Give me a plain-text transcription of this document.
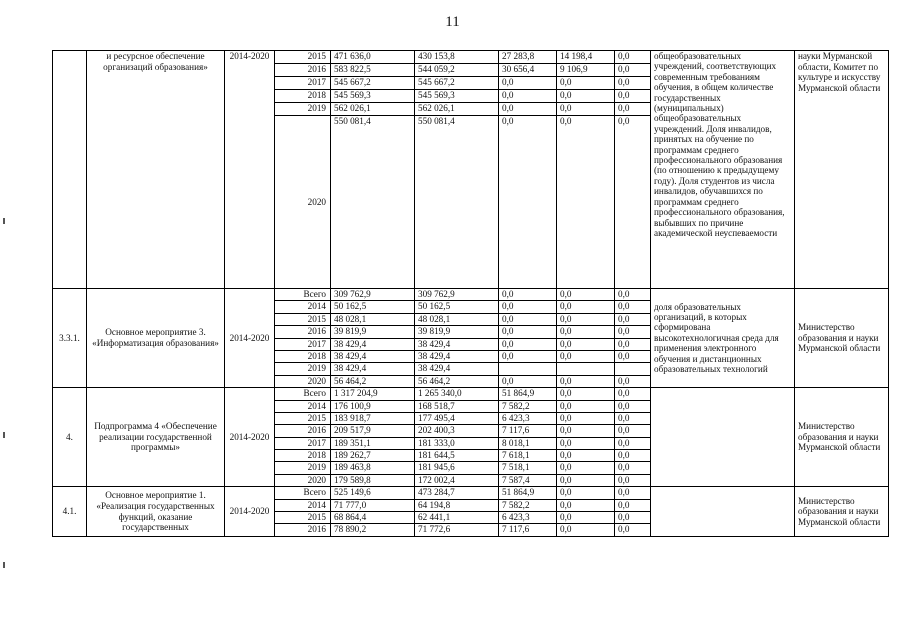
11
	и ресурсное обеспечение организаций образования»	2014-2020	2015	471 636,0	430 153,8	27 283,8	14 198,4	0,0	общеобразовательных учреждений, соответствующих современным требованиям обучения, в общем количестве государственных (муниципальных) общеобразовательных учреждений. Доля инвалидов, принятых на обучение по программам среднего профессионального образования (по отношению к предыдущему году). Доля студентов из числа инвалидов, обучавшихся по программам среднего профессионального образования, выбывших по причине академической неуспеваемости	науки Мурманской области, Комитет по культуре и искусству Мурманской области
			2016	583 822,5	544 059,2	30 656,4	9 106,9	0,0		
			2017	545 667,2	545 667,2	0,0	0,0	0,0		
			2018	545 569,3	545 569,3	0,0	0,0	0,0		
			2019	562 026,1	562 026,1	0,0	0,0	0,0		
			2020	550 081,4	550 081,4	0,0	0,0	0,0		
3.3.1.	Основное мероприятие 3. «Информатизация образования»	2014-2020	Всего	309 762,9	309 762,9	0,0	0,0	0,0	доля образовательных организаций, в которых сформирована высокотехнологичная среда для применения электронного обучения и дистанционных образовательных технологий	Министерство образования и науки Мурманской области
			2014	50 162,5	50 162,5	0,0	0,0	0,0		
			2015	48 028,1	48 028,1	0,0	0,0	0,0		
			2016	39 819,9	39 819,9	0,0	0,0	0,0		
			2017	38 429,4	38 429,4	0,0	0,0	0,0		
			2018	38 429,4	38 429,4	0,0	0,0	0,0		
			2019	38 429,4	38 429,4					
			2020	56 464,2	56 464,2	0,0	0,0	0,0		
4.	Подпрограмма 4 «Обеспечение реализации государственной программы»	2014-2020	Всего	1 317 204,9	1 265 340,0	51 864,9	0,0	0,0		Министерство образования и науки Мурманской области
			2014	176 100,9	168 518,7	7 582,2	0,0	0,0		
			2015	183 918,7	177 495,4	6 423,3	0,0	0,0		
			2016	209 517,9	202 400,3	7 117,6	0,0	0,0		
			2017	189 351,1	181 333,0	8 018,1	0,0	0,0		
			2018	189 262,7	181 644,5	7 618,1	0,0	0,0		
			2019	189 463,8	181 945,6	7 518,1	0,0	0,0		
			2020	179 589,8	172 002,4	7 587,4	0,0	0,0		
4.1.	Основное мероприятие 1. «Реализация государственных функций, оказание государственных	2014-2020	Всего	525 149,6	473 284,7	51 864,9	0,0	0,0		Министерство образования и науки Мурманской области
			2014	71 777,0	64 194,8	7 582,2	0,0	0,0		
			2015	68 864,4	62 441,1	6 423,3	0,0	0,0		
			2016	78 890,2	71 772,6	7 117,6	0,0	0,0		
